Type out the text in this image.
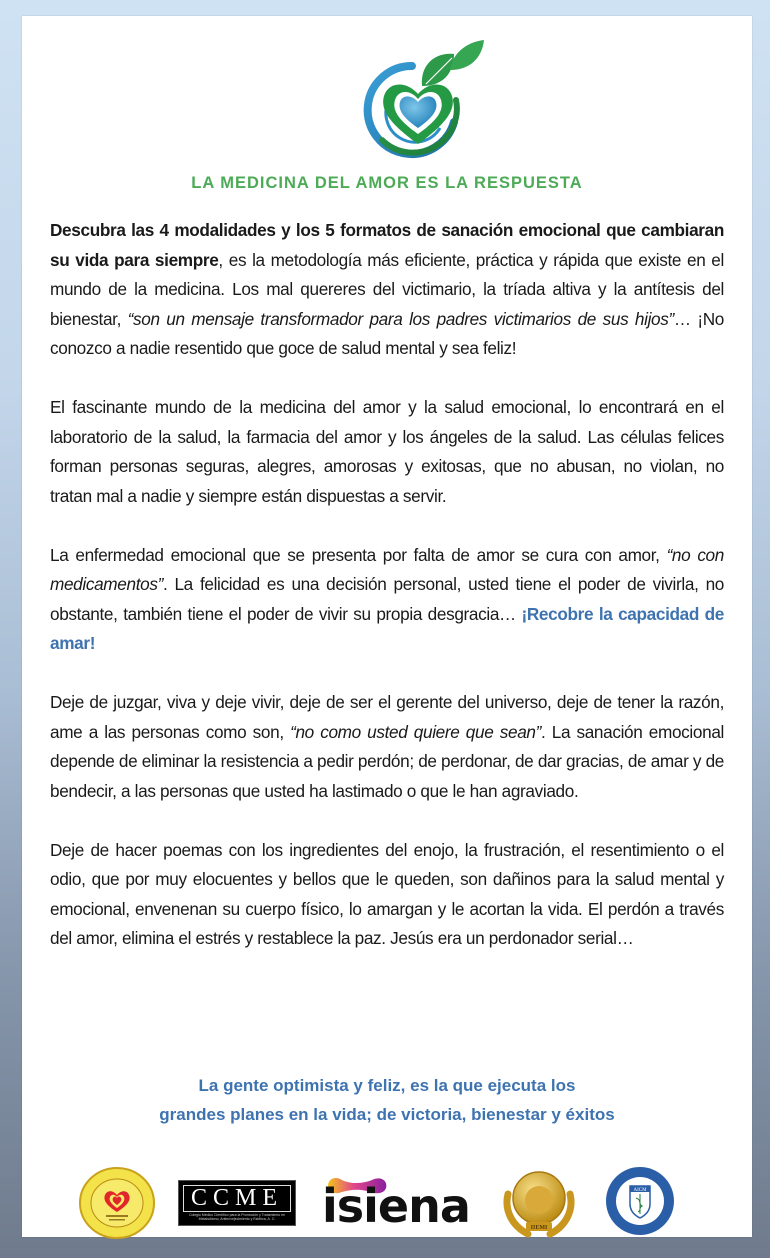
LA MEDICINA DEL AMOR ES LA RESPUESTA

Descubra las 4 modalidades y los 5 formatos de sanación emocional que cambiaran su vida para siempre, es la metodología más eficiente, práctica y rápida que existe en el mundo de la medicina. Los mal quereres del victimario, la tríada altiva y la antítesis del bienestar, “son un mensaje transformador para los padres victimarios de sus hijos”… ¡No conozco a nadie resentido que goce de salud mental y sea feliz!

El fascinante mundo de la medicina del amor y la salud emocional, lo encontrará en el laboratorio de la salud, la farmacia del amor y los ángeles de la salud. Las células felices forman personas seguras, alegres, amorosas y exitosas, que no abusan, no violan, no tratan mal a nadie y siempre están dispuestas a servir.

La enfermedad emocional que se presenta por falta de amor se cura con amor, “no con medicamentos”. La felicidad es una decisión personal, usted tiene el poder de vivirla, no obstante, también tiene el poder de vivir su propia desgracia… ¡Recobre la capacidad de amar!

Deje de juzgar, viva y deje vivir, deje de ser el gerente del universo, deje de tener la razón, ame a las personas como son, “no como usted quiere que sean”. La sanación emocional depende de eliminar la resistencia a pedir perdón; de perdonar, de dar gracias, de amar y de bendecir, a las personas que usted ha lastimado o que le han agraviado.

Deje de hacer poemas con los ingredientes del enojo, la frustración, el resentimiento o el odio, que por muy elocuentes y bellos que le queden, son dañinos para la salud mental y emocional, envenenan su cuerpo físico, lo amargan y le acortan la vida. El perdón a través del amor, elimina el estrés y restablece la paz. Jesús era un perdonador serial…

La gente optimista y feliz, es la que ejecuta los
grandes planes en la vida; de victoria, bienestar y éxitos
CCME
Colegio Médico Científico para la Promoción y Tratamiento en Metabolismo, Antienvejecimiento y Estética, A. C.	isiena	IIEMI
AICM
